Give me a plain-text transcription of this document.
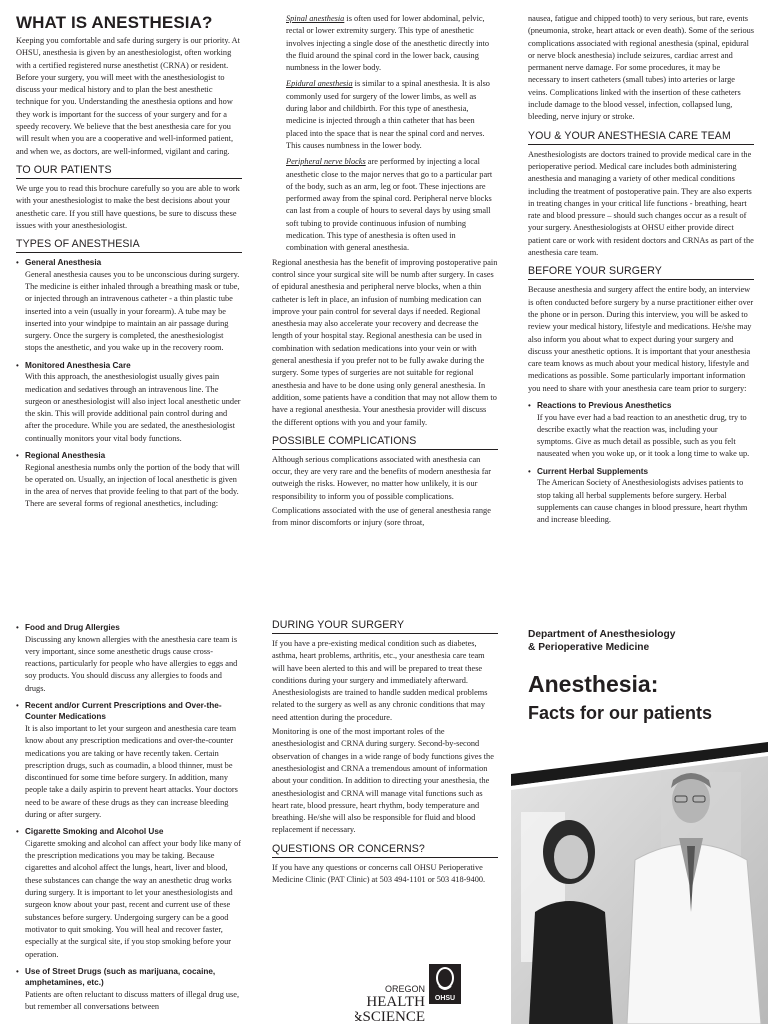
WHAT IS ANESTHESIA?

Keeping you comfortable and safe during surgery is our priority. At OHSU, anesthesia is given by an anesthesiologist, often working with a certified registered nurse anesthetist (CRNA) or resident. Before your surgery, you will meet with the anesthesiologist to discuss your medical history and to plan the best anesthetic technique for you. Understanding the anesthesia options and how they work is important for the success of your surgery and for a speedy recovery. We believe that the best anesthesia care for you will result when you are a cooperative and well-informed patient, and when we, as doctors, are well-informed, vigilant and caring.

TO OUR PATIENTS

We urge you to read this brochure carefully so you are able to work with your anesthesiologist to make the best decisions about your anesthetic care. If you still have questions, be sure to discuss these issues with your anesthesiologist.

TYPES OF ANESTHESIA
• General Anesthesia
General anesthesia causes you to be unconscious during surgery. The medicine is either inhaled through a breathing mask or tube, or injected through an intravenous catheter - a thin plastic tube inserted into a vein (usually in your forearm). A tube may be inserted into your windpipe to maintain an air passage during surgery. Once the surgery is completed, the anesthesiologist stops the anesthetic, and you wake up in the recovery room.
• Monitored Anesthesia Care
With this approach, the anesthesiologist usually gives pain medication and sedatives through an intravenous line. The surgeon or anesthesiologist will also inject local anesthetic under the skin. This will provide additional pain control during and after the procedure. While you are sedated, the anesthesiologist continually monitors your vital body functions.
• Regional Anesthesia
Regional anesthesia numbs only the portion of the body that will be operated on. Usually, an injection of local anesthetic is given in the area of nerves that provide feeling to that part of the body. There are several forms of regional anesthetics, including:

Spinal anesthesia is often used for lower abdominal, pelvic, rectal or lower extremity surgery. This type of anesthetic involves injecting a single dose of the anesthetic directly into the fluid around the spinal cord in the lower back, causing numbness in the lower body.

Epidural anesthesia is similar to a spinal anesthesia. It is also commonly used for surgery of the lower limbs, as well as during labor and childbirth. For this type of anesthesia, medicine is injected through a thin catheter that has been placed into the space that is near the spinal cord and nerves. This causes numbness in the lower body.

Peripheral nerve blocks are performed by injecting a local anesthetic close to the major nerves that go to a particular part of the body, such as an arm, leg or foot. These injections are performed away from the spinal cord. Peripheral nerve blocks can last from a couple of hours to several days by using small soft tubing to provide continuous infusion of numbing medication. This type of anesthesia is often used in combination with general anesthesia.

Regional anesthesia has the benefit of improving postoperative pain control since your surgical site will be numb after surgery. In cases of epidural anesthesia and peripheral nerve blocks, when a thin catheter is left in place, an infusion of numbing medication can improve your pain control for several days if needed. Regional anesthesia may also accelerate your recovery and decrease the length of your hospital stay. Regional anesthesia can be used in combination with sedation medications into your vein or with general anesthesia if you prefer not to be fully awake during the surgery. Some types of surgeries are not suitable for regional anesthesia and have to be done using only general anesthesia. In addition, some patients have a condition that may not allow them to have a regional anesthesia. Your anesthesia provider will discuss the different options with you and your family.

POSSIBLE COMPLICATIONS

Although serious complications associated with anesthesia can occur, they are very rare and the benefits of modern anesthesia far outweigh the risks. However, no matter how unlikely, it is our responsibility to inform you of possible complications.

Complications associated with the use of general anesthesia range from minor discomforts or injury (sore throat,

nausea, fatigue and chipped tooth) to very serious, but rare, events (pneumonia, stroke, heart attack or even death). Some of the serious complications associated with regional anesthesia (spinal, epidural or nerve block anesthesia) include seizures, cardiac arrest and permanent nerve damage. For some procedures, it may be necessary to insert catheters (small tubes) into arteries or large veins. Complications linked with the insertion of these catheters include damage to the blood vessel, infection, collapsed lung, bleeding, nerve injury or stroke.

YOU & YOUR ANESTHESIA CARE TEAM

Anesthesiologists are doctors trained to provide medical care in the perioperative period. Medical care includes both administering anesthesia and managing a variety of other medical conditions including the treatment of postoperative pain. They are also experts in treating changes in your critical life functions - breathing, heart rate and blood pressure – should such changes occur as a result of your surgery. Anesthesiologists at OHSU either provide direct patient care or work with resident doctors and CRNAs as part of the anesthesia care team.

BEFORE YOUR SURGERY

Because anesthesia and surgery affect the entire body, an interview is often conducted before surgery by a nurse practitioner either over the phone or in person. During this interview, you will be asked to review your medical history, lifestyle and medications. He/she may also inform you about what to expect during your surgery and discuss your anesthetic options. It is important that your anesthesia care team knows as much about your medical history, lifestyle and medications as possible. Some particularly important information you need to share with your anesthesia care team prior to surgery:

• Reactions to Previous Anesthetics
If you have ever had a bad reaction to an anesthetic drug, try to describe exactly what the reaction was, including your symptoms. Give as much detail as possible, such as you felt nauseated when you woke up, or it took a long time to wake up.
• Current Herbal Supplements
The American Society of Anesthesiologists advises patients to stop taking all herbal supplements before surgery. Herbal supplements can cause changes in blood pressure, heart rhythm and increase bleeding.
• Food and Drug Allergies
Discussing any known allergies with the anesthesia care team is very important, since some anesthetic drugs cause cross-reactions, particularly for people who have allergies to eggs and soy products. You should discuss any allergies to foods and drugs.
• Recent and/or Current Prescriptions and Over-the-Counter Medications
It is also important to let your surgeon and anesthesia care team know about any prescription medications and over-the-counter medications you are taking or have recently taken. Certain prescription drugs, such as coumadin, a blood thinner, must be discontinued for some time before surgery. In addition, many people take a daily aspirin to prevent heart attacks. Your doctors need to be aware of these drugs as they can increase bleeding during or after surgery.
• Cigarette Smoking and Alcohol Use
Cigarette smoking and alcohol can affect your body like many of the prescription medications you may be taking. Because cigarettes and alcohol affect the lungs, heart, liver and blood, these substances can change the way an anesthetic drug works during surgery. It is important to let your anesthesiologists and surgeon know about your past, recent and current use of these substances before surgery. Undergoing surgery can be a good motivator to quit smoking. You will heal and recover faster, especially at the surgical site, if you stop smoking before your operation.
• Use of Street Drugs (such as marijuana, cocaine, amphetamines, etc.)
Patients are often reluctant to discuss matters of illegal drug use, but remember all conversations between
DURING YOUR SURGERY

If you have a pre-existing medical condition such as diabetes, asthma, heart problems, arthritis, etc., your anesthesia care team will have been alerted to this and will be prepared to treat these conditions during your surgery and immediately afterward. Anesthesiologists are trained to handle sudden medical problems related to the surgery as well as any chronic conditions that may need attention during the procedure.

Monitoring is one of the most important roles of the anesthesiologist and CRNA during surgery. Second-by-second observation of changes in a wide range of body functions gives the anesthesiologist and CRNA a tremendous amount of information about your condition. In addition to directing your anesthesia, the anesthesiologist and CRNA will manage vital functions such as heart rate, blood pressure, heart rhythm, body temperature and breathing. He/she will also be responsible for fluid and blood replacement if necessary.

QUESTIONS OR CONCERNS?

If you have any questions or concerns call OHSU Perioperative Medicine Clinic (PAT Clinic) at 503 494-1101 or 503 418-9400.

OHSU
OREGON
HEALTH
&SCIENCE
Department of Anesthesiology
& Perioperative Medicine
Anesthesia:
Facts for our patients
